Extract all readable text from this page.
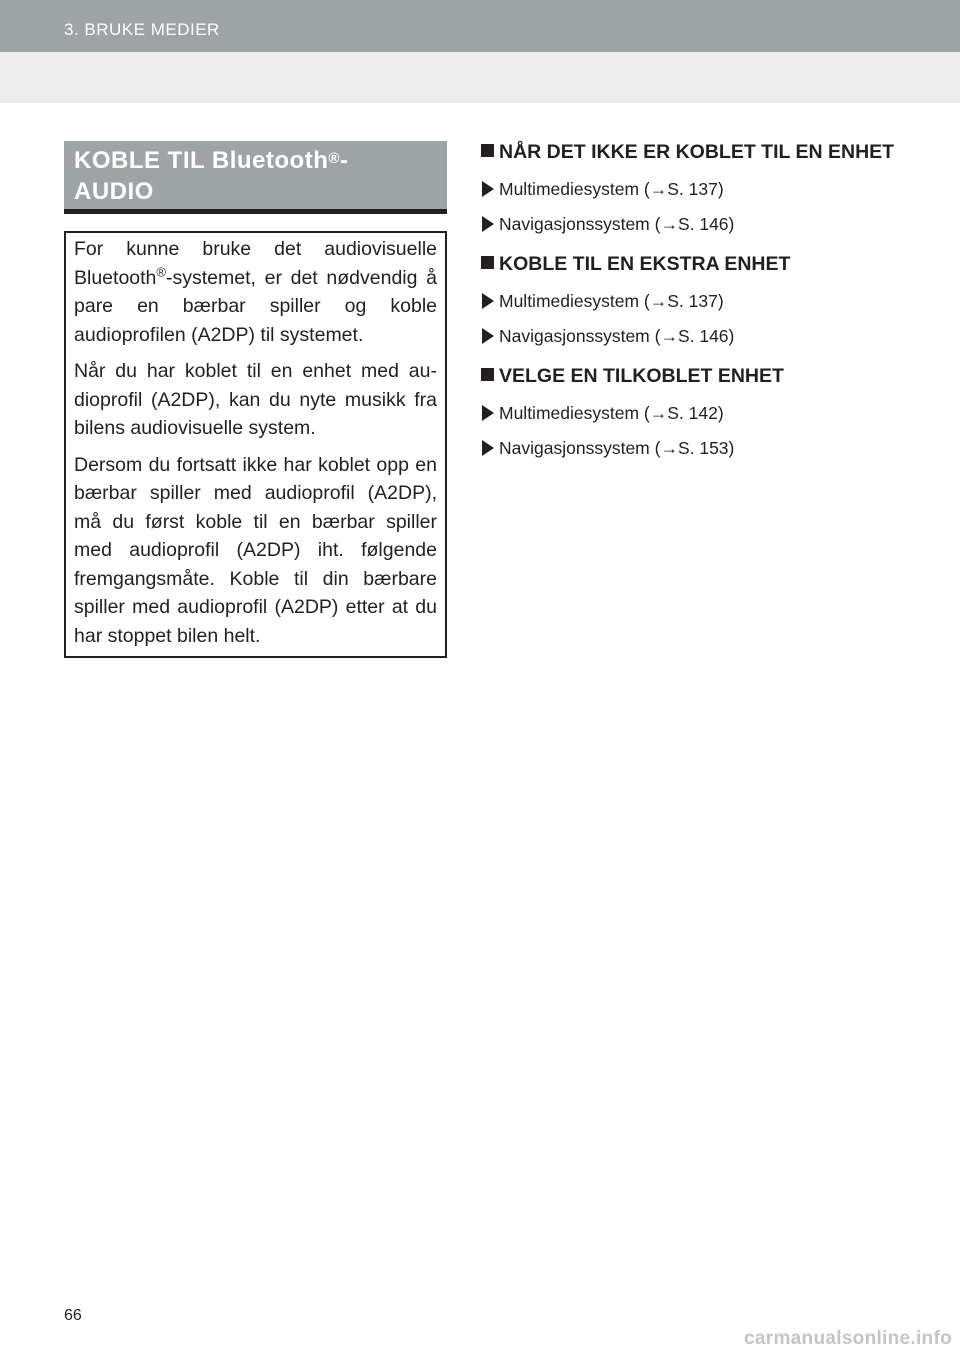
3. BRUKE MEDIER
KOBLE TIL Bluetooth®-
AUDIO

For kunne bruke det audiovisuelle Bluetooth®-systemet, er det nødvendig å pare en bærbar spiller og koble audioprofilen (A2DP) til systemet.

Når du har koblet til en enhet med audioprofil (A2DP), kan du nyte musikk fra bilens audiovisuelle system.

Dersom du fortsatt ikke har koblet opp en bærbar spiller med audioprofil (A2DP), må du først koble til en bærbar spiller med audioprofil (A2DP) iht. følgende fremgangsmåte. Koble til din bærbare spiller med audioprofil (A2DP) etter at du har stoppet bilen helt.

NÅR DET IKKE ER KOBLET TIL EN ENHET
Multimediesystem (→S. 137)
Navigasjonssystem (→S. 146)
KOBLE TIL EN EKSTRA ENHET
Multimediesystem (→S. 137)
Navigasjonssystem (→S. 146)
VELGE EN TILKOBLET ENHET
Multimediesystem (→S. 142)
Navigasjonssystem (→S. 153)
66
carmanualsonline.info
